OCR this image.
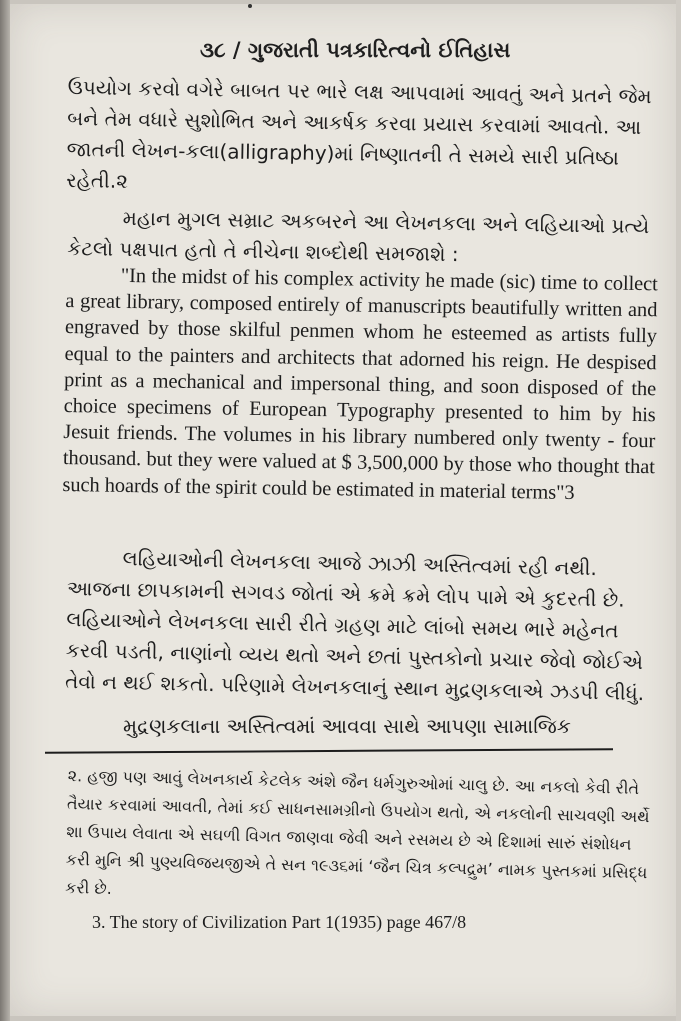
૩૮ / ગુજરાતી પત્રકારિત્વનો ઈતિહાસ
ઉપયોગ કરવો વગેરે બાબત પર ભારે લક્ષ આપવામાં આવતું અને પ્રતને જેમ બને તેમ વધારે સુશોભિત અને આકર્ષક કરવા પ્રયાસ કરવામાં આવતો. આ જાતની લેખન-કલા(alligraphy)માં નિષ્ણાતની તે સમયે સારી પ્રતિષ્ઠા રહેતી.૨
મહાન મુગલ સમ્રાટ અકબરને આ લેખનકલા અને લહિયાઓ પ્રત્યે કેટલો પક્ષપાત હતો તે નીચેના શબ્દોથી સમજાશે :
"In the midst of his complex activity he made (sic) time to collect a great library, composed entirely of manuscripts beautifully written and engraved by those skilful penmen whom he esteemed as artists fully equal to the painters and architects that adorned his reign. He despised print as a mechanical and impersonal thing, and soon disposed of the choice specimens of European Typography presented to him by his Jesuit friends. The volumes in his library numbered only twenty - four thousand. but they were valued at $ 3,500,000 by those who thought that such hoards of the spirit could be estimated in material terms"3
લહિયાઓની લેખનકલા આજે ઝાઝી અસ્તિત્વમાં રહી નથી. આજના છાપકામની સગવડ જોતાં એ ક્રમે ક્રમે લોપ પામે એ કુદરતી છે. લહિયાઓને લેખનકલા સારી રીતે ગ્રહણ માટે લાંબો સમય ભારે મહેનત કરવી પડતી, નાણાંનો વ્યય થતો અને છતાં પુસ્તકોનો પ્રચાર જેવો જોઈએ તેવો ન થઈ શકતો. પરિણામે લેખનકલાનું સ્થાન મુદ્રણકલાએ ઝડપી લીધું.
મુદ્રણકલાના અસ્તિત્વમાં આવવા સાથે આપણા સામાજિક
૨. હજી પણ આવું લેખનકાર્ય કેટલેક અંશે જૈન ધર્મગુરુઓમાં ચાલુ છે. આ નકલો કેવી રીતે તૈયાર કરવામાં આવતી, તેમાં કઈ સાધનસામગ્રીનો ઉપયોગ થતો, એ નકલોની સાચવણી અર્થે શા ઉપાય લેવાતા એ સઘળી વિગત જાણવા જેવી અને રસમય છે એ દિશામાં સારું સંશોધન કરી મુનિ શ્રી પુણ્યવિજયજીએ તે સન ૧૯૩૬માં ‘જૈન ચિત્ર કલ્પદ્રુમ’ નામક પુસ્તકમાં પ્રસિદ્ધ કરી છે.
3. The story of Civilization Part 1(1935) page 467/8
